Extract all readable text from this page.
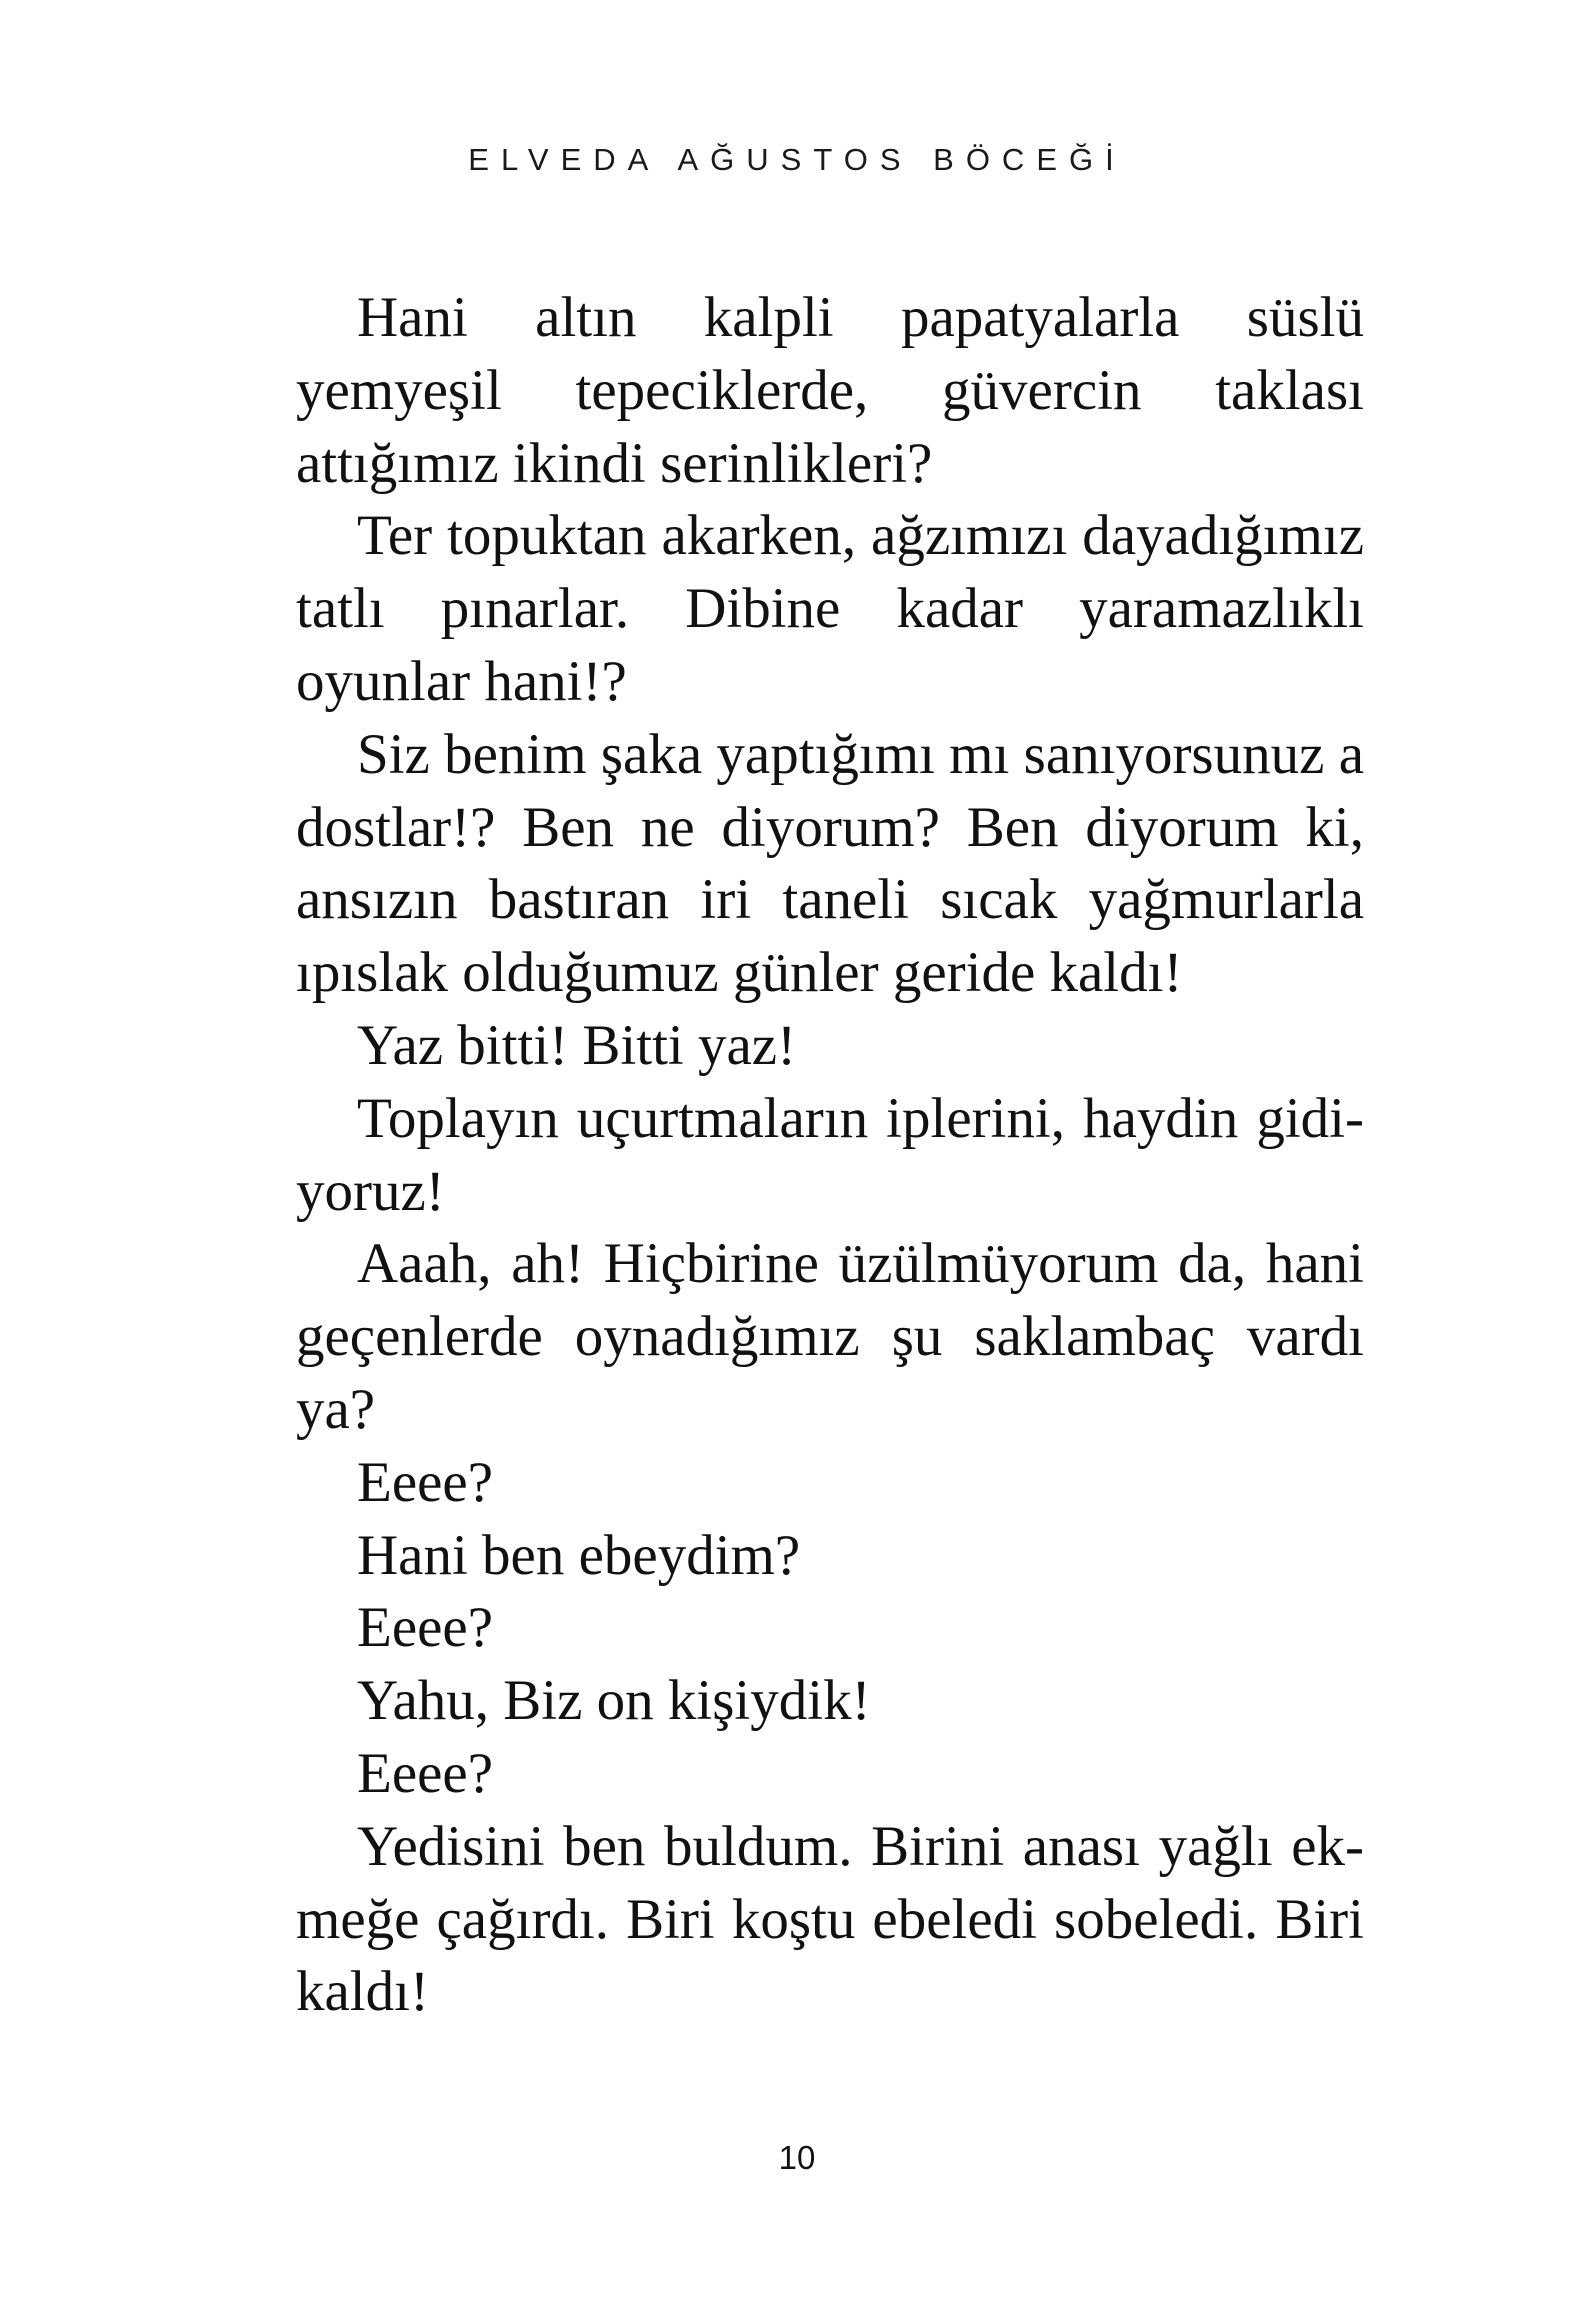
ELVEDA AĞUSTOS BÖCEĞİ

Hani altın kalpli papatyalarla süslü yemyeşil tepeciklerde, güvercin taklası attığımız ikindi serinlikleri?

Ter topuktan akarken, ağzımızı dayadığımız tatlı pınarlar. Dibine kadar yaramazlıklı oyunlar hani!?

Siz benim şaka yaptığımı mı sanıyorsunuz a dostlar!? Ben ne diyorum? Ben diyorum ki, ansızın bastıran iri taneli sıcak yağmurlarla ıpıslak olduğumuz günler geride kaldı!

Yaz bitti! Bitti yaz!

Toplayın uçurtmaların iplerini, haydin gidiyoruz!

Aaah, ah! Hiçbirine üzülmüyorum da, hani geçenlerde oynadığımız şu saklambaç vardı ya?

Eeee?

Hani ben ebeydim?

Eeee?

Yahu, Biz on kişiydik!

Eeee?

Yedisini ben buldum. Birini anası yağlı ekmeğe çağırdı. Biri koştu ebeledi sobeledi. Biri kaldı!

10
